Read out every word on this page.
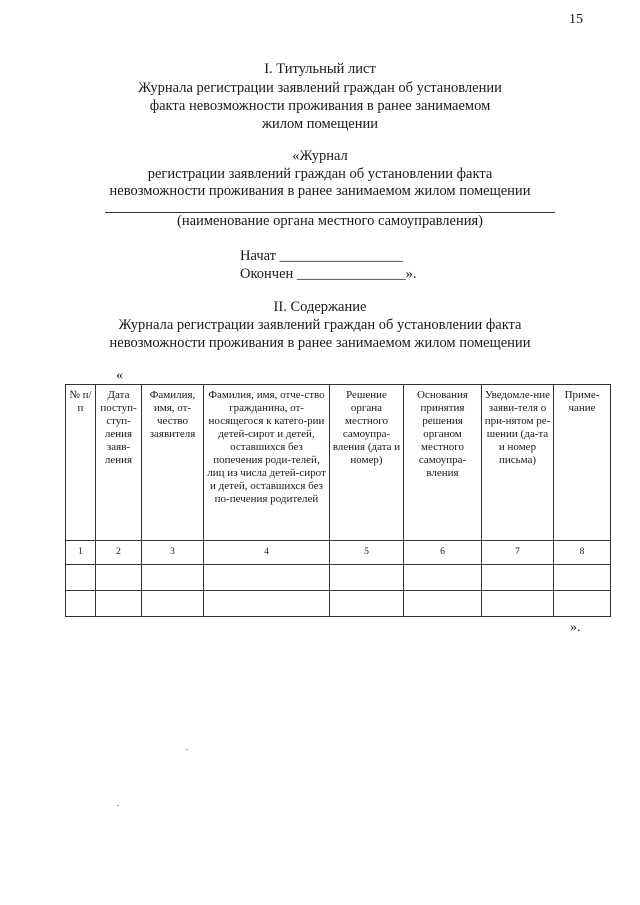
15
I. Титульный лист
Журнала регистрации заявлений граждан об установлении
факта невозможности проживания в ранее занимаемом
жилом помещении
«Журнал
регистрации заявлений граждан об установлении факта
невозможности проживания в ранее занимаемом жилом помещении
(наименование органа местного самоуправления)
Начат _________________
Окончен _______________».
II. Содержание
Журнала регистрации заявлений граждан об установлении факта
невозможности проживания в ранее занимаемом жилом помещении
«
№ п/п	Дата поступ-ступ-ления заяв-ления	Фамилия, имя, от-чество заявителя	Фамилия, имя, отче-ство гражданина, от-носящегося к катего-рии детей-сирот и детей, оставшихся без попечения роди-телей, лиц из числа детей-сирот и детей, оставшихся без по-печения родителей	Решение органа местного самоупра-вления (дата и номер)	Основания принятия решения органом местного самоупра-вления	Уведомле-ние заяви-теля о при-нятом ре-шении (да-та и номер письма)	Приме-чание
1	2	3	4	5	6	7	8

».
